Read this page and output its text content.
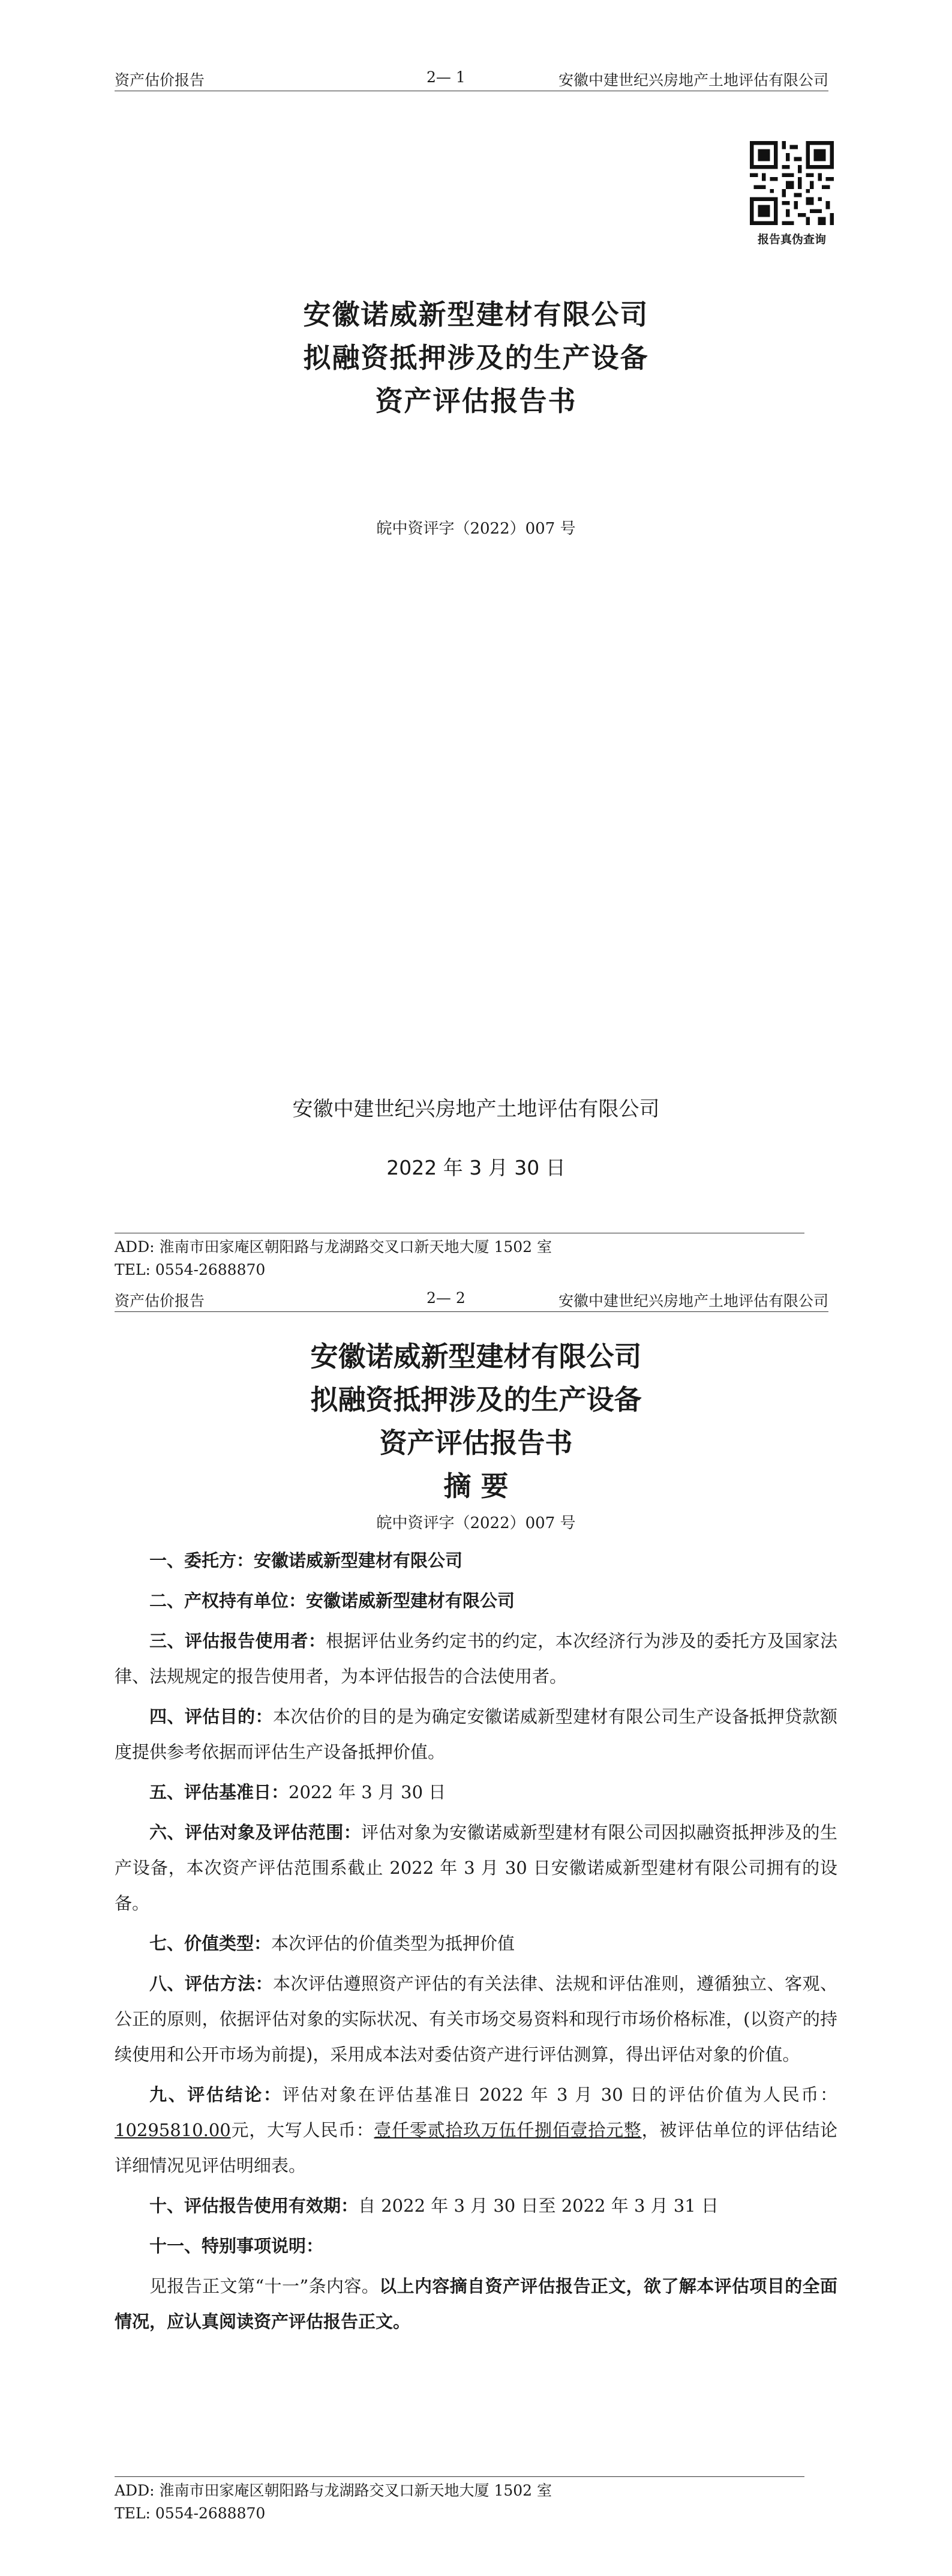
资产估价报告	2— 1	安徽中建世纪兴房地产土地评估有限公司
报告真伪查询
安徽诺威新型建材有限公司
拟融资抵押涉及的生产设备
资产评估报告书
皖中资评字（2022）007 号
安徽中建世纪兴房地产土地评估有限公司
2022 年 3 月 30 日
ADD: 淮南市田家庵区朝阳路与龙湖路交叉口新天地大厦 1502 室
TEL: 0554-2688870
资产估价报告	2— 2	安徽中建世纪兴房地产土地评估有限公司
安徽诺威新型建材有限公司
拟融资抵押涉及的生产设备
资产评估报告书
摘 要
皖中资评字（2022）007 号

一、委托方：安徽诺威新型建材有限公司

二、产权持有单位：安徽诺威新型建材有限公司

三、评估报告使用者：根据评估业务约定书的约定，本次经济行为涉及的委托方及国家法律、法规规定的报告使用者，为本评估报告的合法使用者。

四、评估目的：本次估价的目的是为确定安徽诺威新型建材有限公司生产设备抵押贷款额度提供参考依据而评估生产设备抵押价值。

五、评估基准日：2022 年 3 月 30 日

六、评估对象及评估范围：评估对象为安徽诺威新型建材有限公司因拟融资抵押涉及的生产设备，本次资产评估范围系截止 2022 年 3 月 30 日安徽诺威新型建材有限公司拥有的设备。

七、价值类型：本次评估的价值类型为抵押价值

八、评估方法：本次评估遵照资产评估的有关法律、法规和评估准则，遵循独立、客观、公正的原则，依据评估对象的实际状况、有关市场交易资料和现行市场价格标准，(以资产的持续使用和公开市场为前提)，采用成本法对委估资产进行评估测算，得出评估对象的价值。

九、评估结论：评估对象在评估基准日 2022 年 3 月 30 日的评估价值为人民币：10295810.00元，大写人民币：壹仟零贰拾玖万伍仟捌佰壹拾元整，被评估单位的评估结论详细情况见评估明细表。

十、评估报告使用有效期：自 2022 年 3 月 30 日至 2022 年 3 月 31 日

十一、特别事项说明：

见报告正文第“十一”条内容。以上内容摘自资产评估报告正文，欲了解本评估项目的全面情况，应认真阅读资产评估报告正文。

ADD: 淮南市田家庵区朝阳路与龙湖路交叉口新天地大厦 1502 室
TEL: 0554-2688870
